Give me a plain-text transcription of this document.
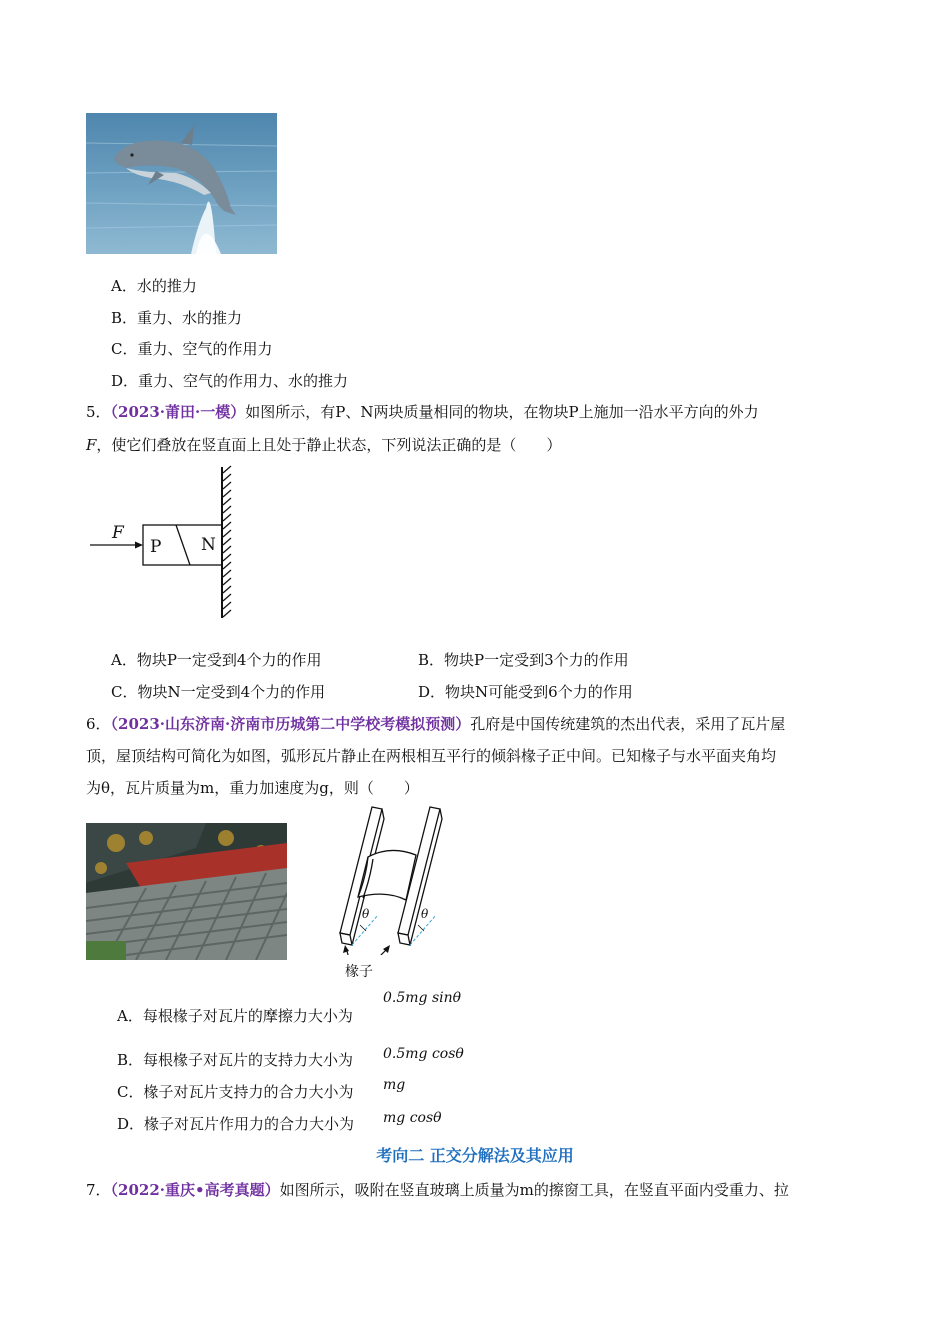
A．水的推力
B．重力、水的推力
C．重力、空气的作用力
D．重力、空气的作用力、水的推力
5．（2023·莆田·一模）如图所示，有P、N两块质量相同的物块，在物块P上施加一沿水平方向的外力
F，使它们叠放在竖直面上且处于静止状态，下列说法正确的是（　　）
F
P N
A．物块P一定受到4个力的作用	B．物块P一定受到3个力的作用
C．物块N一定受到4个力的作用	D．物块N可能受到6个力的作用
6．（2023·山东济南·济南市历城第二中学校考模拟预测）孔府是中国传统建筑的杰出代表，采用了瓦片屋
顶，屋顶结构可简化为如图，弧形瓦片静止在两根相互平行的倾斜椽子正中间。已知椽子与水平面夹角均
为θ，瓦片质量为m，重力加速度为g，则（　　）
θ	θ
椽子
A．每根椽子对瓦片的摩擦力大小为
0.5mg sinθ
B．每根椽子对瓦片的支持力大小为 0.5mg cosθ
C．椽子对瓦片支持力的合力大小为 mg
D．椽子对瓦片作用力的合力大小为 mg cosθ
考向二 正交分解法及其应用
7．（2022·重庆•高考真题）如图所示，吸附在竖直玻璃上质量为m的擦窗工具，在竖直平面内受重力、拉
